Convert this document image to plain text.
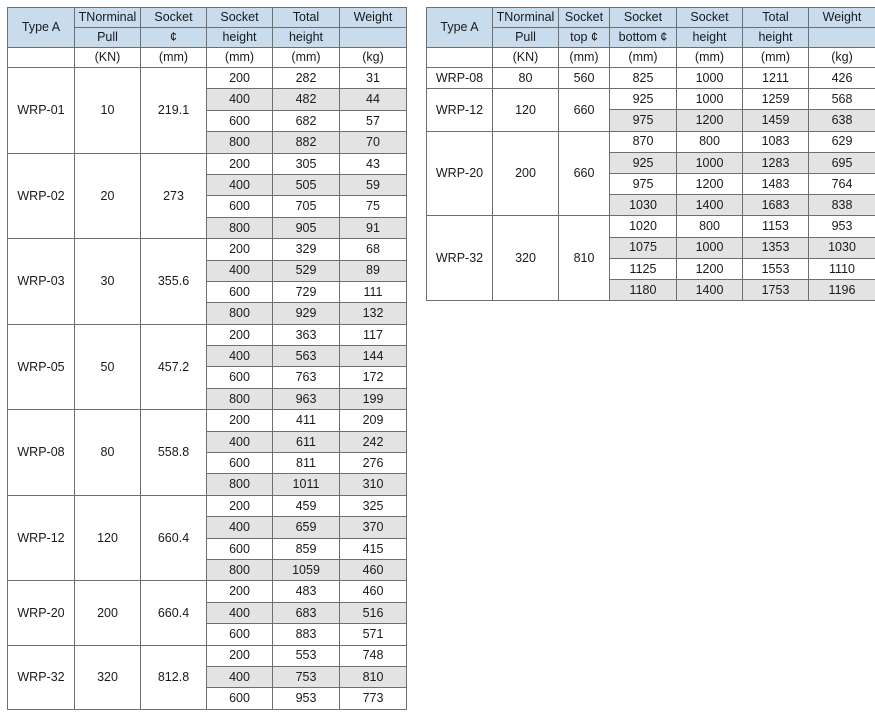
Type A	TNorminal	Socket	Socket	Total	Weight
	Pull	¢	height	height	
	(KN)	(mm)	(mm)	(mm)	(kg)
WRP-01	10	219.1	200	282	31
			400	482	44
			600	682	57
			800	882	70
WRP-02	20	273	200	305	43
			400	505	59
			600	705	75
			800	905	91
WRP-03	30	355.6	200	329	68
			400	529	89
			600	729	111
			800	929	132
WRP-05	50	457.2	200	363	117
			400	563	144
			600	763	172
			800	963	199
WRP-08	80	558.8	200	411	209
			400	611	242
			600	811	276
			800	1011	310
WRP-12	120	660.4	200	459	325
			400	659	370
			600	859	415
			800	1059	460
WRP-20	200	660.4	200	483	460
			400	683	516
			600	883	571
WRP-32	320	812.8	200	553	748
			400	753	810
			600	953	773
Type A	TNorminal	Socket	Socket	Socket	Total	Weight
	Pull	top ¢	bottom ¢	height	height	
	(KN)	(mm)	(mm)	(mm)	(mm)	(kg)
WRP-08	80	560	825	1000	1211	426
WRP-12	120	660	925	1000	1259	568
			975	1200	1459	638
WRP-20	200	660	870	800	1083	629
			925	1000	1283	695
			975	1200	1483	764
			1030	1400	1683	838
WRP-32	320	810	1020	800	1153	953
			1075	1000	1353	1030
			1125	1200	1553	1110
			1180	1400	1753	1196
